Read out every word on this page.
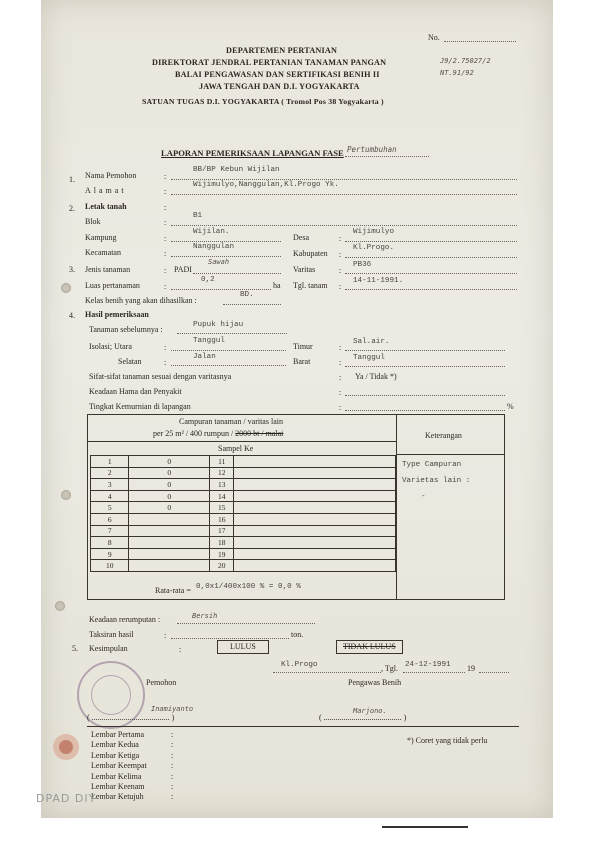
No.
J9/2.75027/2
NT.91/92
DEPARTEMEN PERTANIAN
DIREKTORAT JENDRAL PERTANIAN TANAMAN PANGAN
BALAI PENGAWASAN DAN SERTIFIKASI BENIH II
JAWA TENGAH DAN D.I. YOGYAKARTA
SATUAN TUGAS D.I. YOGYAKARTA ( Tromol Pos 38 Yogyakarta )
LAPORAN PEMERIKSAAN LAPANGAN FASE Pertumbuhan
1. Nama Pemohon	:
BB/BP Kebun Wijilan
Alamat	:
Wijimulyo,Nanggulan,Kl.Progo Yk.
2. Letak tanah	:
Blok	:
B1
Kampung	:
Wijilan.
Desa	:
Wijimulyo
Kecamatan	:
Nanggulan
Kabupaten :
Kl.Progo.
3. Jenis tanaman	: PADI
Sawah
Varitas	:
PB36
Luas pertanaman	:
0,2
ha Tgl. tanam :
14-11-1991.
Kelas benih yang akan dihasilkan :
BD.
4. Hasil pemeriksaan
Tanaman sebelumnya :	Pupuk hijau
Isolasi; Utara	:
Tanggul
Timur	:
Sal.air.
Selatan	:
Jalan	Barat	: Tanggul
Sifat-sifat tanaman sesuai dengan varitasnya	: Ya / Tidak *)
Keadaan Hama dan Penyakit	:
Tingkat Kemurnian di lapangan	:	%
Campuran tanaman / varitas lain
per 25 m² / 400 rumpun / 2000 bt / malai
Sampel Ke
Keterangan
1	0	11	
2	0	12	
3	0	13	
4	0	14	
5	0	15	
6		16	
7		17	
8		18	
9		19	
10		20	
Type Campuran
Varietas lain :
-
Rata-rata = 0,0x1/400x100 % = 0,0 %
Keadaan rerumputan :	Bersih
Taksiran hasil	:	ton.
5. Kesimpulan	:	LULUS	TIDAK LULUS
Kl.Progo	, Tgl. 24-12-1991 19
Pemohon
Inamiyanto
( ....................................... )
Pengawas Benih
Marjono.
( ....................................... )
Lembar Pertama	:
Lembar Kedua	:
Lembar Ketiga	:
Lembar Keempat	:
Lembar Kelima	:
Lembar Keenam	:
Lembar Ketujuh	:
*) Coret yang tidak perlu
DPAD DIY
